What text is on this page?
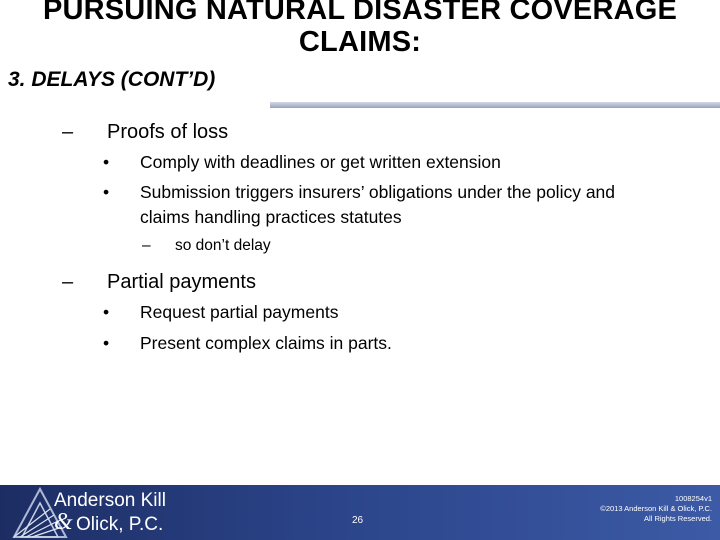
PURSUING NATURAL DISASTER COVERAGE
CLAIMS:
3. DELAYS (CONT’D)
– Proofs of loss
• Comply with deadlines or get written extension
• Submission triggers insurers’ obligations under the policy and
claims handling practices statutes
– so don’t delay
– Partial payments
• Request partial payments
• Present complex claims in parts.
Anderson Kill
& Olick, P.C.	26
1008254v1
©2013 Anderson Kill & Olick, P.C.
All Rights Reserved.
